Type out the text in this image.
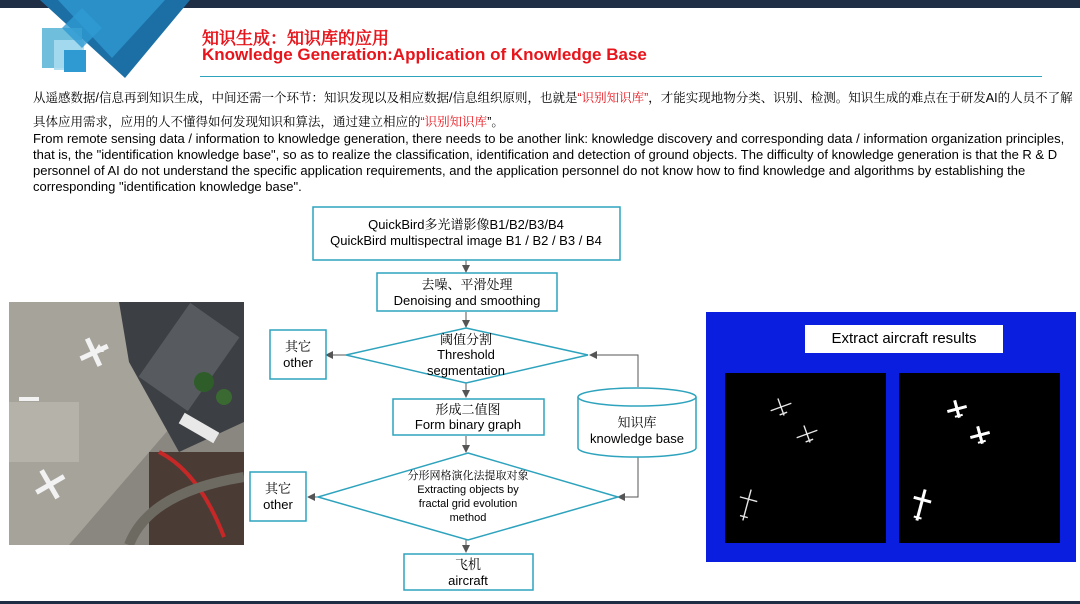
知识生成：知识库的应用
Knowledge Generation:Application of Knowledge Base
从遥感数据/信息再到知识生成，中间还需一个环节：知识发现以及相应数据/信息组织原则，也就是“识别知识库”，才能实现地物分类、识别、检测。知识生成的难点在于研发AI的人员不了解具体应用需求，应用的人不懂得如何发现知识和算法，通过建立相应的“识别知识库”。
From remote sensing data / information to knowledge generation, there needs to be another link: knowledge discovery and corresponding data / information organization principles, that is, the "identification knowledge base", so as to realize the classification, identification and detection of ground objects. The difficulty of knowledge generation is that the R & D personnel of AI do not understand the specific application requirements, and the application personnel do not know how to find knowledge and algorithms by establishing the corresponding "identification knowledge base".
QuickBird多光谱影像B1/B2/B3/B4
QuickBird multispectral image B1 / B2 / B3 / B4
去噪、平滑处理
Denoising and smoothing
阈值分割
Threshold
segmentation
形成二值图
Form binary graph
分形网格演化法提取对象
Extracting objects by
fractal grid evolution
method
飞机
aircraft
其它
other
其它
other
知识库
knowledge base
Extract aircraft results
